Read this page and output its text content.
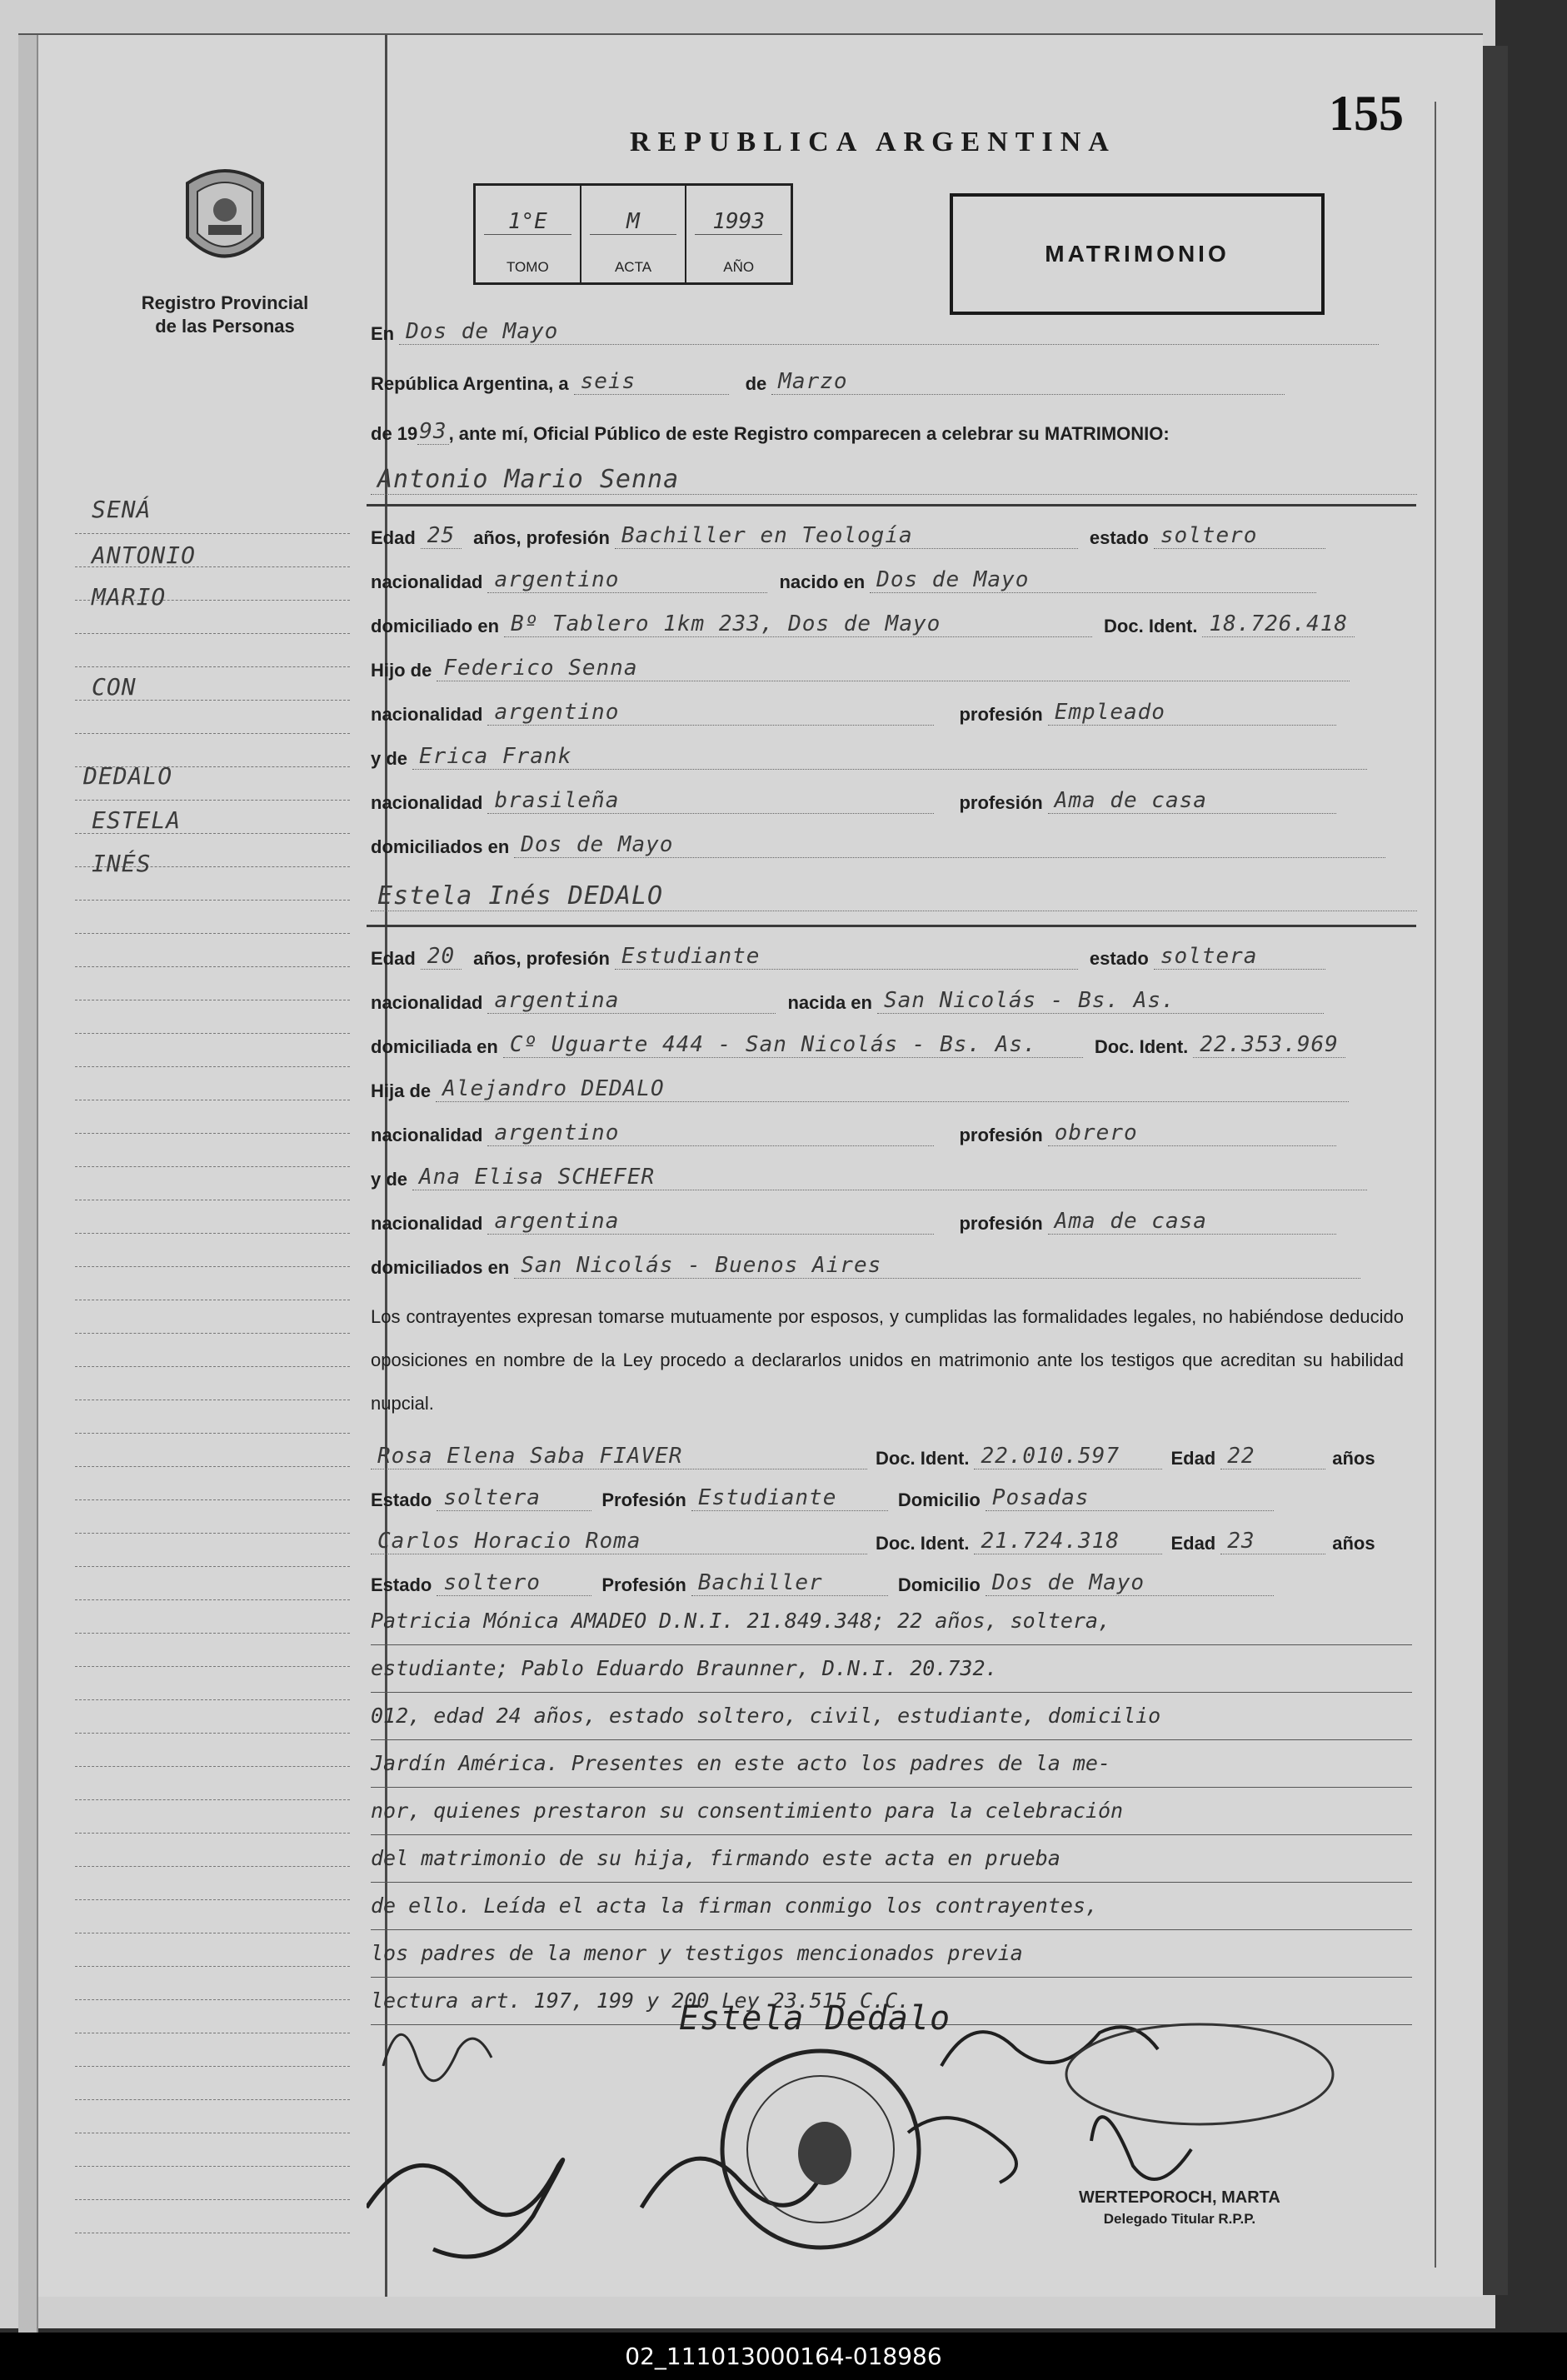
Registro Provincial
de las Personas
155
REPUBLICA ARGENTINA
1°E
TOMO
M
ACTA
1993
AÑO
MATRIMONIO
SENÁ
ANTONIO
MARIO
CON
DEDALO
ESTELA
INÉS
En Dos de Mayo
República Argentina, a seis	de Marzo
de 19 93 , ante mí, Oficial Público de este Registro comparecen a celebrar su MATRIMONIO:
Antonio Mario Senna
Edad 25	años, profesión Bachiller en Teología	estado soltero
nacionalidad argentino	nacido en Dos de Mayo
domiciliado en Bº Tablero 1km 233, Dos de Mayo	Doc. Ident. 18.726.418
Hijo de Federico Senna
nacionalidad argentino	profesión Empleado
y de Erica Frank
nacionalidad brasileña	profesión Ama de casa
domiciliados en Dos de Mayo
Estela Inés DEDALO
Edad 20	años, profesión Estudiante	estado soltera
nacionalidad argentina	nacida en San Nicolás - Bs. As.
domiciliada en Cº Uguarte 444 - San Nicolás - Bs. As.	Doc. Ident. 22.353.969
Hija de Alejandro DEDALO
nacionalidad argentino	profesión obrero
y de Ana Elisa SCHEFER
nacionalidad argentina	profesión Ama de casa
domiciliados en San Nicolás - Buenos Aires
Los contrayentes expresan tomarse mutuamente por esposos, y cumplidas las formalidades legales, no habiéndose deducido oposiciones en nombre de la Ley procedo a declararlos unidos en matrimonio ante los testigos que acreditan su habilidad nupcial.
Rosa Elena Saba FIAVER	Doc. Ident. 22.010.597	Edad 22	años
Estado soltera	Profesión Estudiante	Domicilio Posadas
Carlos Horacio Roma	Doc. Ident. 21.724.318	Edad 23	años
Estado soltero	Profesión Bachiller	Domicilio Dos de Mayo
Patricia Mónica AMADEO D.N.I. 21.849.348; 22 años, soltera,
estudiante; Pablo Eduardo Braunner, D.N.I. 20.732.
012, edad 24 años, estado soltero, civil, estudiante, domicilio
Jardín América. Presentes en este acto los padres de la me-
nor, quienes prestaron su consentimiento para la celebración
del matrimonio de su hija, firmando este acta en prueba
de ello. Leída el acta la firman conmigo los contrayentes,
los padres de la menor y testigos mencionados previa
lectura art. 197, 199 y 200 Ley 23.515 C.C.
Estela Dedalo
WERTEPOROCH, MARTA
Delegado Titular R.P.P.
02_111013000164-018986
